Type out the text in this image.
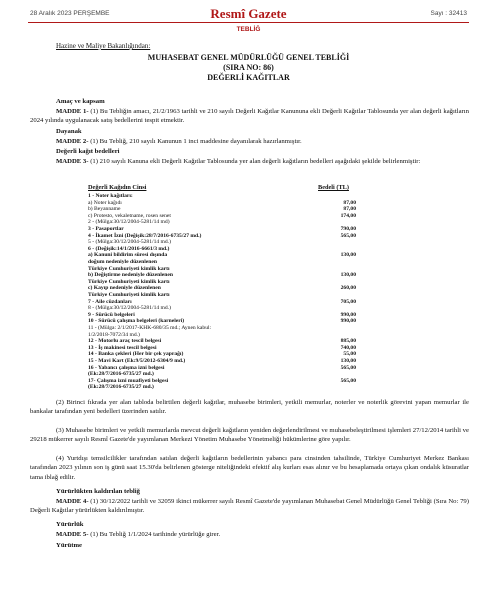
28 Aralık 2023 PERŞEMBE	Resmî Gazete	Sayı : 32413
TEBLİĞ
Hazine ve Maliye Bakanlığından:
MUHASEBAT GENEL MÜDÜRLÜĞÜ GENEL TEBLİĞİ
(SIRA NO: 86)
DEĞERLİ KAĞITLAR
Amaç ve kapsam
MADDE 1- (1) Bu Tebliğin amacı, 21/2/1963 tarihli ve 210 sayılı Değerli Kağıtlar Kanununa ekli Değerli Kağıtlar Tablosunda yer alan değerli kağıtların 2024 yılında uygulanacak satış bedellerini tespit etmektir.
Dayanak
MADDE 2- (1) Bu Tebliğ, 210 sayılı Kanunun 1 inci maddesine dayanılarak hazırlanmıştır.
Değerli kağıt bedelleri
MADDE 3- (1) 210 sayılı Kanuna ekli Değerli Kağıtlar Tablosunda yer alan değerli kağıtların bedelleri aşağıdaki şekilde belirlenmiştir:
Değerli Kağıdın Cinsi	Bedeli (TL)
1 - Noter kağıtları:
a) Noter kağıdı	87,00
b) Beyanname	87,00
c) Protesto, vekaletname, rosen senet	174,00
2 - (Mülga:30/12/2004-5281/14 md)
3 - Pasaportlar	790,00
4 - İkamet İzni (Değişik:28/7/2016-6735/27 md.)	565,00
5 - (Mülga:30/12/2004-5281/14 md.)
6 - (Değişik:14/1/2016-6661/3 md.)
a) Kanuni bildirim süresi dışında	130,00
doğum nedeniyle düzenlenen
Türkiye Cumhuriyeti kimlik kartı
b) Değiştirme nedeniyle düzenlenen	130,00
Türkiye Cumhuriyeti kimlik kartı
c) Kayıp nedeniyle düzenlenen	260,00
Türkiye Cumhuriyeti kimlik kartı
7 - Aile cüzdanları	705,00
8 - (Mülga:30/12/2004-5281/14 md.)
9 - Sürücü belgeleri	990,00
10 - Sürücü çalışma belgeleri (karneleri)	990,00
11 - (Mülga: 2/1/2017-KHK-680/35 md.; Aynen kabul:
1/2/2018-7072/34 md.)
12 - Motorlu araç tescil belgesi	885,00
13 - İş makinesi tescil belgesi	740,00
14 - Banka çekleri (Her bir çek yaprağı)	55,00
15 - Mavi Kart (Ek:9/5/2012-6304/9 md.)	130,00
16 - Yabancı çalışma izni belgesi	565,00
(Ek:28/7/2016-6735/27 md.)
17- Çalışma izni muafiyeti belgesi	565,00
(Ek:28/7/2016-6735/27 md.)
(2) Birinci fıkrada yer alan tabloda belirtilen değerli kağıtlar, muhasebe birimleri, yetkili memurlar, noterler ve noterlik görevini yapan memurlar ile bankalar tarafından yeni bedelleri üzerinden satılır.
(3) Muhasebe birimleri ve yetkili memurlarda mevcut değerli kağıtların yeniden değerlendirilmesi ve muhasebeleştirilmesi işlemleri 27/12/2014 tarihli ve 29218 mükerrer sayılı Resmî Gazete'de yayımlanan Merkezi Yönetim Muhasebe Yönetmeliği hükümlerine göre yapılır.
(4) Yurtdışı temsilcilikler tarafından satılan değerli kağıtların bedellerinin yabancı para cinsinden tahsilinde, Türkiye Cumhuriyet Merkez Bankası tarafından 2023 yılının son iş günü saat 15.30'da belirlenen gösterge niteliğindeki efektif alış kurları esas alınır ve bu hesaplamada ortaya çıkan ondalık küsuratlar tama iblağ edilir.
Yürürlükten kaldırılan tebliğ
MADDE 4- (1) 30/12/2022 tarihli ve 32059 ikinci mükerrer sayılı Resmî Gazete'de yayımlanan Muhasebat Genel Müdürlüğü Genel Tebliği (Sıra No: 79) Değerli Kağıtlar yürürlükten kaldırılmıştır.
Yürürlük
MADDE 5- (1) Bu Tebliğ 1/1/2024 tarihinde yürürlüğe girer.
Yürütme
